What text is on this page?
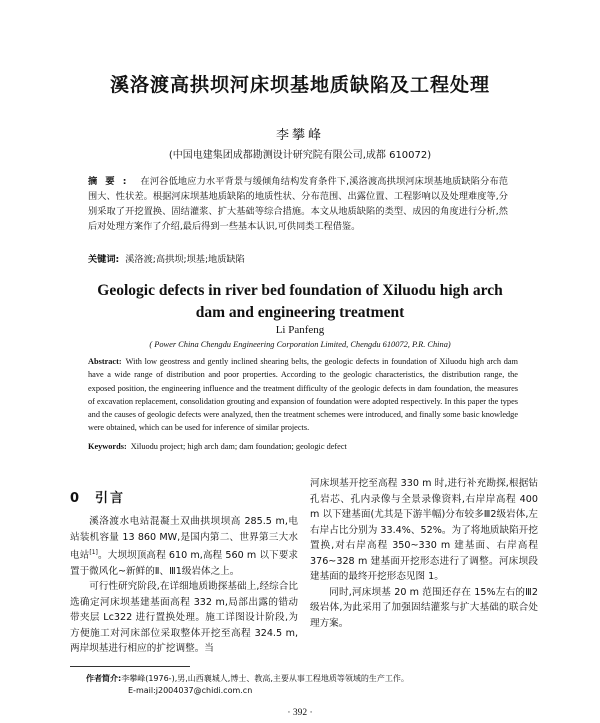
溪洛渡高拱坝河床坝基地质缺陷及工程处理
李攀峰
(中国电建集团成都勘测设计研究院有限公司,成都 610072)
摘要: 在河谷低地应力水平背景与缓倾角结构发育条件下,溪洛渡高拱坝河床坝基地质缺陷分布范围大、性状差。根据河床坝基地质缺陷的地质性状、分布范围、出露位置、工程影响以及处理难度等,分别采取了开挖置换、固结灌浆、扩大基础等综合措施。本文从地质缺陷的类型、成因的角度进行分析,然后对处理方案作了介绍,最后得到一些基本认识,可供同类工程借鉴。
关键词: 溪洛渡;高拱坝;坝基;地质缺陷
Geologic defects in river bed foundation of Xiluodu high arch dam and engineering treatment
Li Panfeng
( Power China Chengdu Engineering Corporation Limited, Chengdu 610072, P.R. China)
Abstract: With low geostress and gently inclined shearing belts, the geologic defects in foundation of Xiluodu high arch dam have a wide range of distribution and poor properties. According to the geologic characteristics, the distribution range, the exposed position, the engineering influence and the treatment difficulty of the geologic defects in dam foundation, the measures of excavation replacement, consolidation grouting and expansion of foundation were adopted respectively. In this paper the types and the causes of geologic defects were analyzed, then the treatment schemes were introduced, and finally some basic knowledge were obtained, which can be used for inference of similar projects.
Keywords: Xiluodu project; high arch dam; dam foundation; geologic defect
0 引言

溪洛渡水电站混凝土双曲拱坝坝高 285.5 m,电站装机容量 13 860 MW,是国内第二、世界第三大水电站[1]。大坝坝顶高程 610 m,高程 560 m 以下要求置于微风化~新鲜的Ⅱ、Ⅲ1级岩体之上。

可行性研究阶段,在详细地质勘探基础上,经综合比选确定河床坝基建基面高程 332 m,局部出露的错动带夹层 Lc322 进行置换处理。施工详图设计阶段,为方便施工对河床部位采取整体开挖至高程 324.5 m,两岸坝基进行相应的扩挖调整。当

河床坝基开挖至高程 330 m 时,进行补充勘探,根据钻孔岩芯、孔内录像与全景录像资料,右岸岸高程 400 m 以下建基面(尤其是下游半幅)分布较多Ⅲ2级岩体,左右岸占比分别为 33.4%、52%。为了将地质缺陷开挖置换,对右岸高程 350~330 m 建基面、右岸高程 376~328 m 建基面开挖形态进行了调整。河床坝段建基面的最终开挖形态见图 1。

同时,河床坝基 20 m 范围还存在 15%左右的Ⅲ2级岩体,为此采用了加强固结灌浆与扩大基础的联合处理方案。

作者简介:李攀峰(1976-),男,山西襄城人,博士、教高,主要从事工程地质等领域的生产工作。
E-mail:j2004037@chidi.com.cn
· 392 ·
